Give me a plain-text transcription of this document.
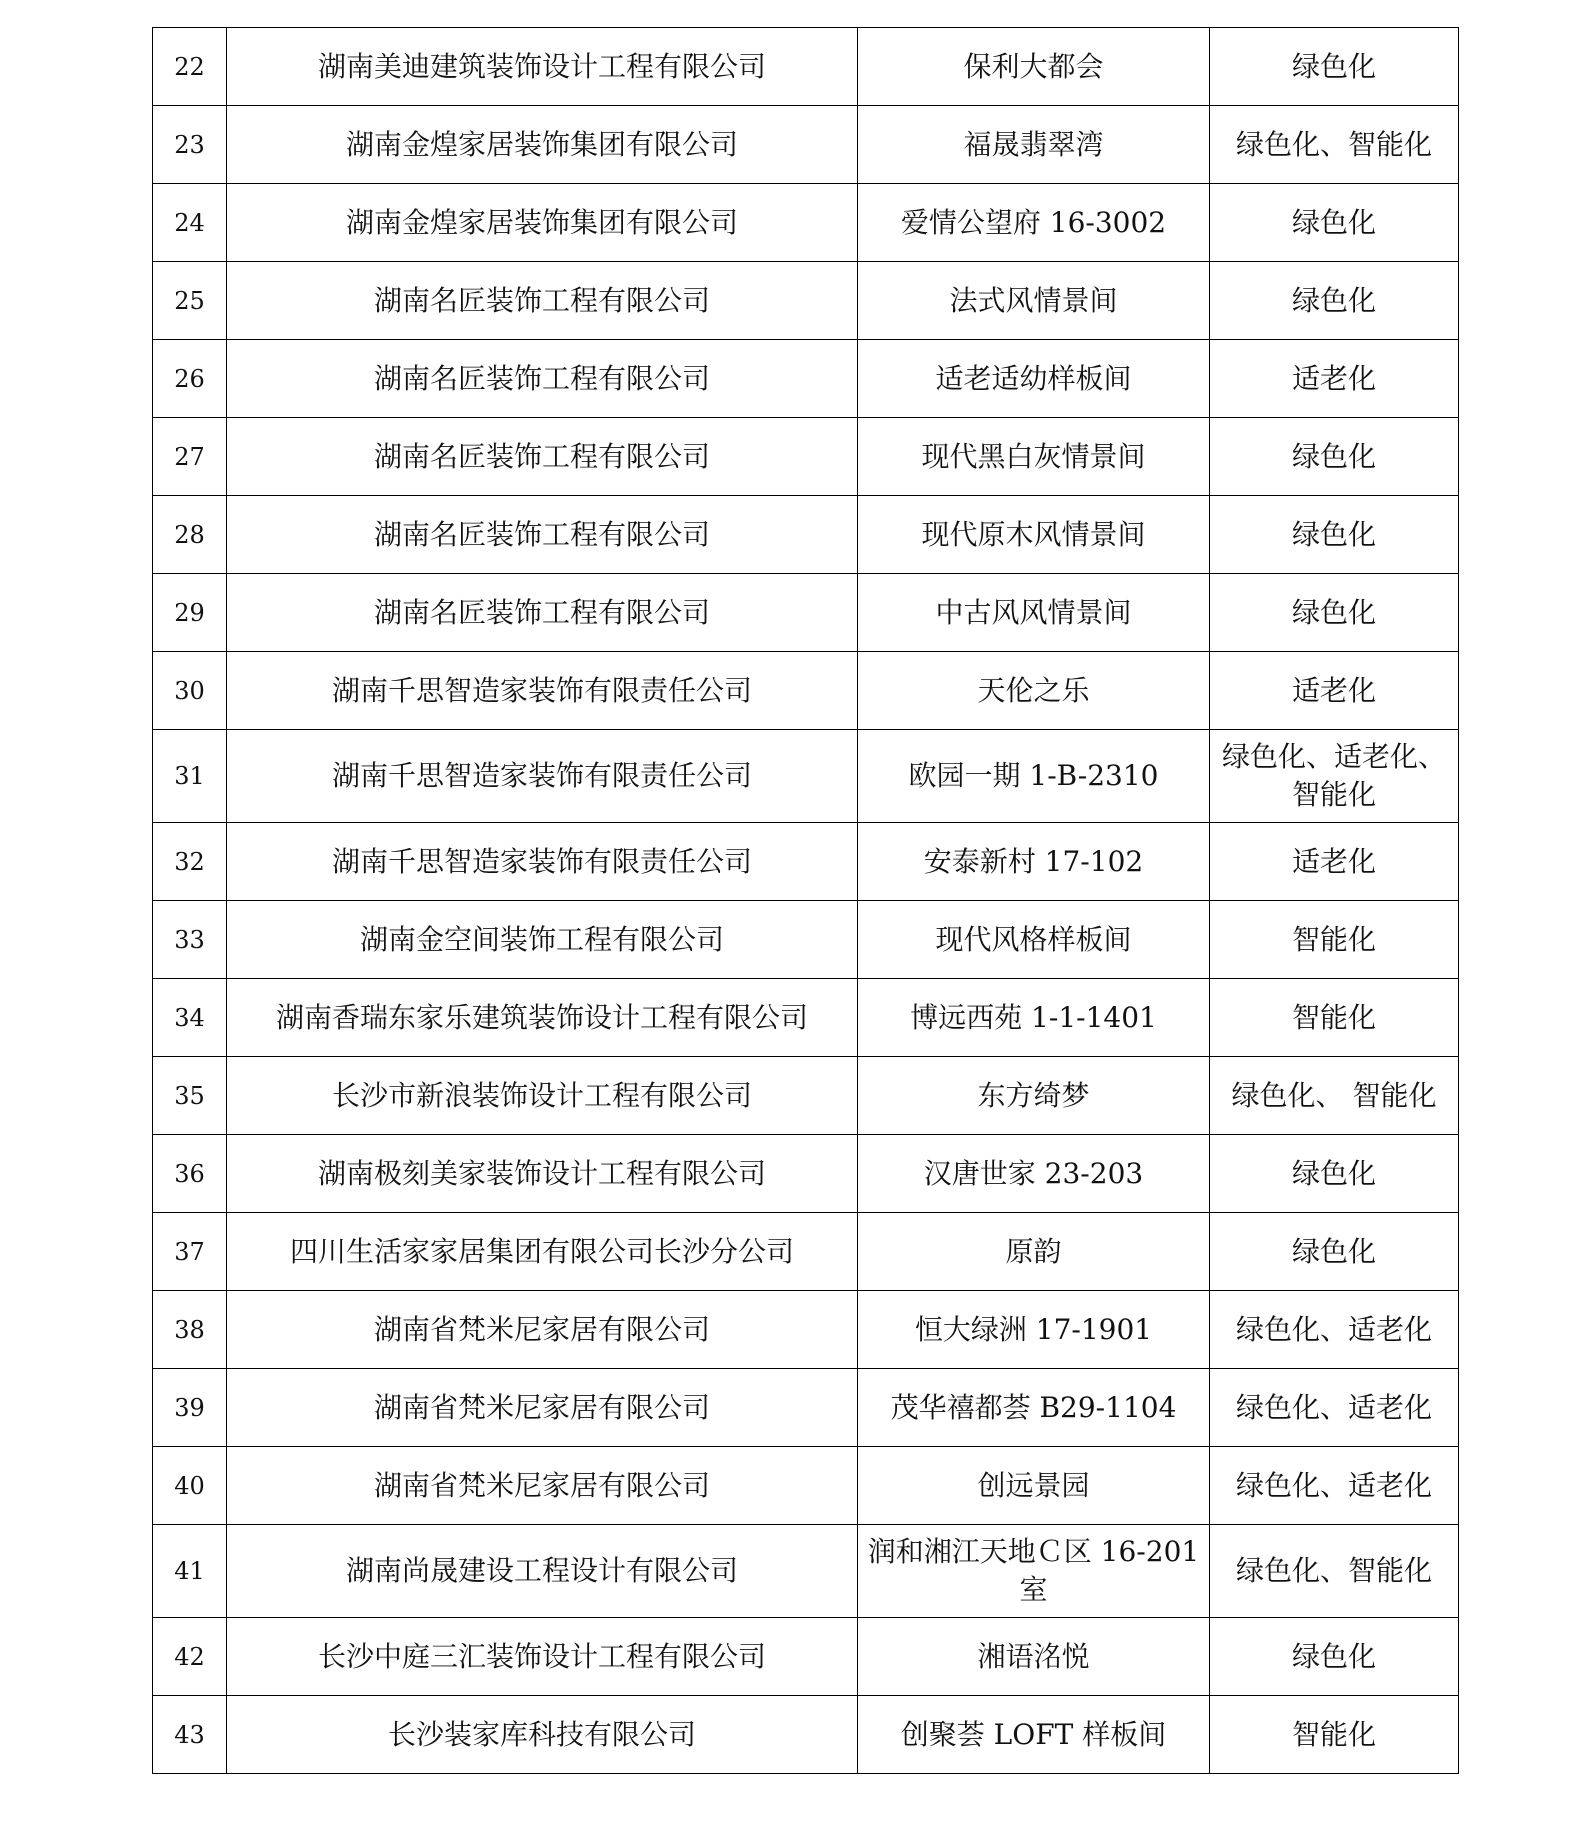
22	湖南美迪建筑装饰设计工程有限公司	保利大都会	绿色化
23	湖南金煌家居装饰集团有限公司	福晟翡翠湾	绿色化、智能化
24	湖南金煌家居装饰集团有限公司	爱情公望府 16-3002	绿色化
25	湖南名匠装饰工程有限公司	法式风情景间	绿色化
26	湖南名匠装饰工程有限公司	适老适幼样板间	适老化
27	湖南名匠装饰工程有限公司	现代黑白灰情景间	绿色化
28	湖南名匠装饰工程有限公司	现代原木风情景间	绿色化
29	湖南名匠装饰工程有限公司	中古风风情景间	绿色化
30	湖南千思智造家装饰有限责任公司	天伦之乐	适老化
31	湖南千思智造家装饰有限责任公司	欧园一期 1-B-2310	绿色化、适老化、智能化
32	湖南千思智造家装饰有限责任公司	安泰新村 17-102	适老化
33	湖南金空间装饰工程有限公司	现代风格样板间	智能化
34	湖南香瑞东家乐建筑装饰设计工程有限公司	博远西苑 1-1-1401	智能化
35	长沙市新浪装饰设计工程有限公司	东方绮梦	绿色化、 智能化
36	湖南极刻美家装饰设计工程有限公司	汉唐世家 23-203	绿色化
37	四川生活家家居集团有限公司长沙分公司	原韵	绿色化
38	湖南省梵米尼家居有限公司	恒大绿洲 17-1901	绿色化、适老化
39	湖南省梵米尼家居有限公司	茂华禧都荟 B29-1104	绿色化、适老化
40	湖南省梵米尼家居有限公司	创远景园	绿色化、适老化
41	湖南尚晟建设工程设计有限公司	润和湘江天地Ｃ区 16-201 室	绿色化、智能化
42	长沙中庭三汇装饰设计工程有限公司	湘语洺悦	绿色化
43	长沙装家库科技有限公司	创聚荟 LOFT 样板间	智能化
